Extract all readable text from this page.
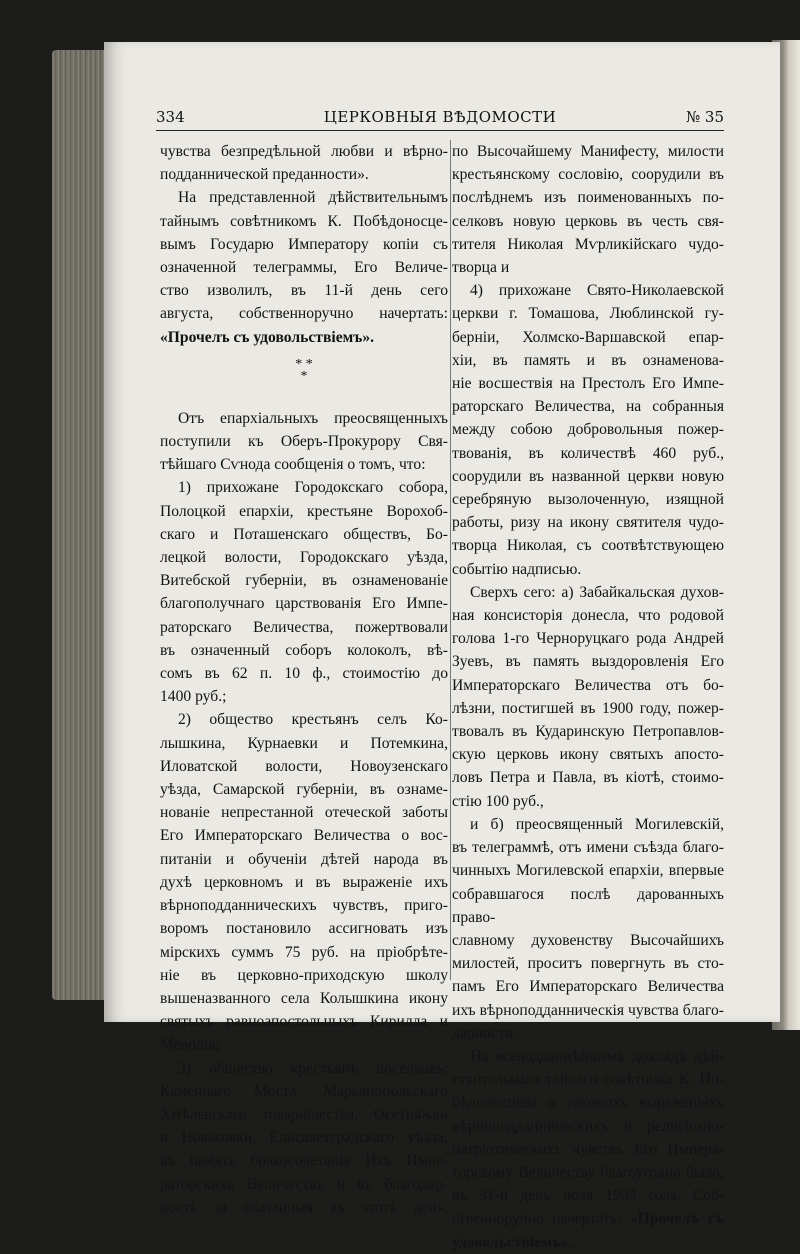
334	ЦЕРКОВНЫЯ ВѢДОМОСТИ	№ 35

чувства безпредѣльной любви и вѣрно-

подданнической преданности».

На представленной дѣйствительнымъ

тайнымъ совѣтникомъ К. Побѣдоносце-

вымъ Государю Императору копіи съ

означенной телеграммы, Его Величе-

ство изволилъ, въ 11-й день сего

августа, собственноручно начертать:

«Прочелъ съ удовольствіемъ».

* *
*

Отъ епархіальныхъ преосвященныхъ

поступили къ Оберъ-Прокурору Свя-

тѣйшаго Сѵнода сообщенія о томъ, что:

1) прихожане Городокскаго собора,

Полоцкой епархіи, крестьяне Ворохоб-

скаго и Поташенскаго обществъ, Бо-

лецкой волости, Городокскаго уѣзда,

Витебской губерніи, въ ознаменованіе

благополучнаго царствованія Его Импе-

раторскаго Величества, пожертвовали

въ означенный соборъ колоколъ, вѣ-

сомъ въ 62 п. 10 ф., стоимостію до

1400 руб.;

2) общество крестьянъ селъ Ко-

лышкина, Курнаевки и Потемкина,

Иловатской волости, Новоузенскаго

уѣзда, Самарской губерніи, въ ознаме-

нованіе непрестанной отеческой заботы

Его Императорскаго Величества о вос-

питаніи и обученіи дѣтей народа въ

духѣ церковномъ и въ выраженіе ихъ

вѣрноподданническихъ чувствъ, пригo-

воромъ постановило ассигновать изъ

мірскихъ суммъ 75 руб. на пріобрѣте-

ніе въ церковно-приходскую школу

вышеназванного села Колышкина икону

святыхъ равноапостольныхъ Кирилла и

Меѳодія;

3) общество крестьянъ поселковъ:

Каменнаго Моста, Марьянопольскаго

Хмѣлевскаго товарищества, Осетняжки

и Новаковки, Елисаветградскаго уѣзда,

въ память бракосочетанія Ихъ Импе-

раторскихъ Величествъ и въ благодар-

ность за оказанныя въ этотъ день,

по Высочайшему Манифесту, милости

крестьянскому сословію, соорудили въ

послѣднемъ изъ поименованныхъ по-

селковъ новую церковь въ честь свя-

тителя Николая Мѵрликійскаго чудо-

творца и

4) прихожане Свято-Николаевской

церкви г. Томашова, Люблинской гу-

берніи, Холмско-Варшавской епар-

хіи, въ память и въ ознаменова-

ніе восшествія на Престолъ Его Импе-

раторскаго Величества, на собранныя

между собою добровольныя пожер-

твованія, въ количествѣ 460 руб.,

соорудили въ названной церкви новую

серебряную вызолоченную, изящной

работы, ризу на икону святителя чудо-

творца Николая, съ соотвѣтствующею

событію надписью.

Сверхъ сего: а) Забайкальская духов-

ная консисторія донесла, что родовой

голова 1-го Черноруцкаго рода Андрей

Зуевъ, въ память выздоровленія Его

Императорскаго Величества отъ бо-

лѣзни, постигшей въ 1900 году, пожер-

твовалъ въ Кударинскую Петропавлов-

скую церковь икону святыхъ апосто-

ловъ Петра и Павла, въ кіотѣ, стоимо-

стію 100 руб.,

и б) преосвященный Могилевскій,

въ телеграммѣ, отъ имени съѣзда благо-

чинныхъ Могилевской епархіи, впервые

собравшагося послѣ дарованныхъ право-

славному духовенству Высочайшихъ

милостей, проситъ повергнуть въ сто-

памъ Его Императорскаго Величества

ихъ вѣрноподданническія чувства благо-

дарности.

На всеподданнѣйшемъ докладѣ дѣй-

ствительнаго тайнаго совѣтника К. По-

бѣдоносцева о таковыхъ выраженіяхъ

вѣрноподданническихъ и религіозно-

патріотическихъ чувствъ Его Импера-

торскому Величеству благоугодно было,

въ 31-й день іюля 1903 года, Соб-

ственноручно начертать: «Прочелъ съ

удовольствіемъ».
